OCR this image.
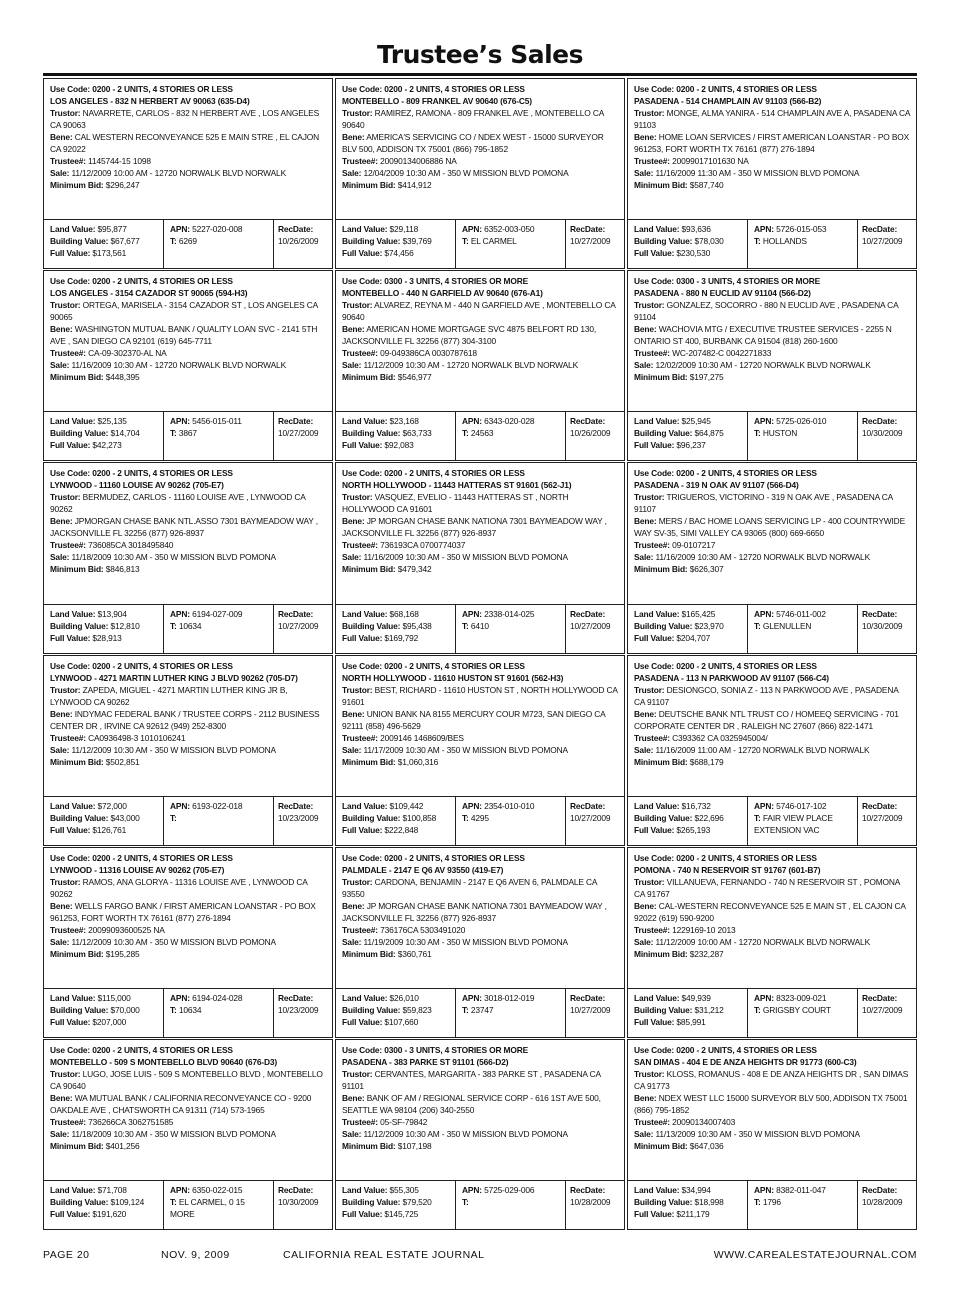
Trustee’s Sales

Use Code: 0200 - 2 UNITS, 4 STORIES OR LESS

LOS ANGELES - 832 N HERBERT AV 90063 (635-D4)

Trustor: NAVARRETE, CARLOS - 832 N HERBERT AVE , LOS ANGELES CA 90063

Bene: CAL WESTERN RECONVEYANCE 525 E MAIN STRE , EL CAJON CA 92022

Trustee#: 1145744-15 1098

Sale: 11/12/2009 10:00 AM - 12720 NORWALK BLVD NORWALK

Minimum Bid: $296,247

Land Value: $95,877
Building Value: $67,677
Full Value: $173,561
APN: 5227-020-008
T: 6269
RecDate:
10/26/2009

Use Code: 0200 - 2 UNITS, 4 STORIES OR LESS

MONTEBELLO - 809 FRANKEL AV 90640 (676-C5)

Trustor: RAMIREZ, RAMONA - 809 FRANKEL AVE , MONTEBELLO CA 90640

Bene: AMERICA'S SERVICING CO / NDEX WEST - 15000 SURVEYOR BLV 500, ADDISON TX 75001 (866) 795-1852

Trustee#: 20090134006886 NA

Sale: 12/04/2009 10:30 AM - 350 W MISSION BLVD POMONA

Minimum Bid: $414,912

Land Value: $29,118
Building Value: $39,769
Full Value: $74,456
APN: 6352-003-050
T: EL CARMEL
RecDate:
10/27/2009

Use Code: 0200 - 2 UNITS, 4 STORIES OR LESS

PASADENA - 514 CHAMPLAIN AV 91103 (566-B2)

Trustor: MONGE, ALMA YANIRA - 514 CHAMPLAIN AVE A, PASADENA CA 91103

Bene: HOME LOAN SERVICES / FIRST AMERICAN LOANSTAR - PO BOX 961253, FORT WORTH TX 76161 (877) 276-1894

Trustee#: 20099017101630 NA

Sale: 11/16/2009 11:30 AM - 350 W MISSION BLVD POMONA

Minimum Bid: $587,740

Land Value: $93,636
Building Value: $78,030
Full Value: $230,530
APN: 5726-015-053
T: HOLLANDS
RecDate:
10/27/2009

Use Code: 0200 - 2 UNITS, 4 STORIES OR LESS

LOS ANGELES - 3154 CAZADOR ST 90065 (594-H3)

Trustor: ORTEGA, MARISELA - 3154 CAZADOR ST , LOS ANGELES CA 90065

Bene: WASHINGTON MUTUAL BANK / QUALITY LOAN SVC - 2141 5TH AVE , SAN DIEGO CA 92101 (619) 645-7711

Trustee#: CA-09-302370-AL NA

Sale: 11/16/2009 10:30 AM - 12720 NORWALK BLVD NORWALK

Minimum Bid: $448,395

Land Value: $25,135
Building Value: $14,704
Full Value: $42,273
APN: 5456-015-011
T: 3867
RecDate:
10/27/2009

Use Code: 0300 - 3 UNITS, 4 STORIES OR MORE

MONTEBELLO - 440 N GARFIELD AV 90640 (676-A1)

Trustor: ALVAREZ, REYNA M - 440 N GARFIELD AVE , MONTEBELLO CA 90640

Bene: AMERICAN HOME MORTGAGE SVC 4875 BELFORT RD 130, JACKSONVILLE FL 32256 (877) 304-3100

Trustee#: 09-049386CA 0030787618

Sale: 11/12/2009 10:30 AM - 12720 NORWALK BLVD NORWALK

Minimum Bid: $546,977

Land Value: $23,168
Building Value: $63,733
Full Value: $92,083
APN: 6343-020-028
T: 24563
RecDate:
10/26/2009

Use Code: 0300 - 3 UNITS, 4 STORIES OR MORE

PASADENA - 880 N EUCLID AV 91104 (566-D2)

Trustor: GONZALEZ, SOCORRO - 880 N EUCLID AVE , PASADENA CA 91104

Bene: WACHOVIA MTG / EXECUTIVE TRUSTEE SERVICES - 2255 N ONTARIO ST 400, BURBANK CA 91504 (818) 260-1600

Trustee#: WC-207482-C 0042271833

Sale: 12/02/2009 10:30 AM - 12720 NORWALK BLVD NORWALK

Minimum Bid: $197,275

Land Value: $25,945
Building Value: $64,875
Full Value: $96,237
APN: 5725-026-010
T: HUSTON
RecDate:
10/30/2009

Use Code: 0200 - 2 UNITS, 4 STORIES OR LESS

LYNWOOD - 11160 LOUISE AV 90262 (705-E7)

Trustor: BERMUDEZ, CARLOS - 11160 LOUISE AVE , LYNWOOD CA 90262

Bene: JPMORGAN CHASE BANK NTL.ASSO 7301 BAYMEADOW WAY , JACKSONVILLE FL 32256 (877) 926-8937

Trustee#: 736085CA 3018495840

Sale: 11/18/2009 10:30 AM - 350 W MISSION BLVD POMONA

Minimum Bid: $846,813

Land Value: $13,904
Building Value: $12,810
Full Value: $28,913
APN: 6194-027-009
T: 10634
RecDate:
10/27/2009

Use Code: 0200 - 2 UNITS, 4 STORIES OR LESS

NORTH HOLLYWOOD - 11443 HATTERAS ST 91601 (562-J1)

Trustor: VASQUEZ, EVELIO - 11443 HATTERAS ST , NORTH HOLLYWOOD CA 91601

Bene: JP MORGAN CHASE BANK NATIONA 7301 BAYMEADOW WAY , JACKSONVILLE FL 32256 (877) 926-8937

Trustee#: 736193CA 0700774037

Sale: 11/16/2009 10:30 AM - 350 W MISSION BLVD POMONA

Minimum Bid: $479,342

Land Value: $68,168
Building Value: $95,438
Full Value: $169,792
APN: 2338-014-025
T: 6410
RecDate:
10/27/2009

Use Code: 0200 - 2 UNITS, 4 STORIES OR LESS

PASADENA - 319 N OAK AV 91107 (566-D4)

Trustor: TRIGUEROS, VICTORINO - 319 N OAK AVE , PASADENA CA 91107

Bene: MERS / BAC HOME LOANS SERVICING LP - 400 COUNTRYWIDE WAY SV-35, SIMI VALLEY CA 93065 (800) 669-6650

Trustee#: 09-0107217

Sale: 11/16/2009 10:30 AM - 12720 NORWALK BLVD NORWALK

Minimum Bid: $626,307

Land Value: $165,425
Building Value: $23,970
Full Value: $204,707
APN: 5746-011-002
T: GLENULLEN
RecDate:
10/30/2009

Use Code: 0200 - 2 UNITS, 4 STORIES OR LESS

LYNWOOD - 4271 MARTIN LUTHER KING J BLVD 90262 (705-D7)

Trustor: ZAPEDA, MIGUEL - 4271 MARTIN LUTHER KING JR B, LYNWOOD CA 90262

Bene: INDYMAC FEDERAL BANK / TRUSTEE CORPS - 2112 BUSINESS CENTER DR , IRVINE CA 92612 (949) 252-8300

Trustee#: CA0936498-3 1010106241

Sale: 11/12/2009 10:30 AM - 350 W MISSION BLVD POMONA

Minimum Bid: $502,851

Land Value: $72,000
Building Value: $43,000
Full Value: $126,761
APN: 6193-022-018
T:
RecDate:
10/23/2009

Use Code: 0200 - 2 UNITS, 4 STORIES OR LESS

NORTH HOLLYWOOD - 11610 HUSTON ST 91601 (562-H3)

Trustor: BEST, RICHARD - 11610 HUSTON ST , NORTH HOLLYWOOD CA 91601

Bene: UNION BANK NA 8155 MERCURY COUR M723, SAN DIEGO CA 92111 (858) 496-5629

Trustee#: 2009146 1468609/BES

Sale: 11/17/2009 10:30 AM - 350 W MISSION BLVD POMONA

Minimum Bid: $1,060,316

Land Value: $109,442
Building Value: $100,858
Full Value: $222,848
APN: 2354-010-010
T: 4295
RecDate:
10/27/2009

Use Code: 0200 - 2 UNITS, 4 STORIES OR LESS

PASADENA - 113 N PARKWOOD AV 91107 (566-C4)

Trustor: DESIONGCO, SONIA Z - 113 N PARKWOOD AVE , PASADENA CA 91107

Bene: DEUTSCHE BANK NTL TRUST CO / HOMEEQ SERVICING - 701 CORPORATE CENTER DR , RALEIGH NC 27607 (866) 822-1471

Trustee#: C393362 CA 0325945004/

Sale: 11/16/2009 11:00 AM - 12720 NORWALK BLVD NORWALK

Minimum Bid: $688,179

Land Value: $16,732
Building Value: $22,696
Full Value: $265,193
APN: 5746-017-102
T: FAIR VIEW PLACE EXTENSION VAC
RecDate:
10/27/2009

Use Code: 0200 - 2 UNITS, 4 STORIES OR LESS

LYNWOOD - 11316 LOUISE AV 90262 (705-E7)

Trustor: RAMOS, ANA GLORYA - 11316 LOUISE AVE , LYNWOOD CA 90262

Bene: WELLS FARGO BANK / FIRST AMERICAN LOANSTAR - PO BOX 961253, FORT WORTH TX 76161 (877) 276-1894

Trustee#: 20099093600525 NA

Sale: 11/12/2009 10:30 AM - 350 W MISSION BLVD POMONA

Minimum Bid: $195,285

Land Value: $115,000
Building Value: $70,000
Full Value: $207,000
APN: 6194-024-028
T: 10634
RecDate:
10/23/2009

Use Code: 0200 - 2 UNITS, 4 STORIES OR LESS

PALMDALE - 2147 E Q6 AV 93550 (419-E7)

Trustor: CARDONA, BENJAMIN - 2147 E Q6 AVEN 6, PALMDALE CA 93550

Bene: JP MORGAN CHASE BANK NATIONA 7301 BAYMEADOW WAY , JACKSONVILLE FL 32256 (877) 926-8937

Trustee#: 736176CA 5303491020

Sale: 11/19/2009 10:30 AM - 350 W MISSION BLVD POMONA

Minimum Bid: $360,761

Land Value: $26,010
Building Value: $59,823
Full Value: $107,660
APN: 3018-012-019
T: 23747
RecDate:
10/27/2009

Use Code: 0200 - 2 UNITS, 4 STORIES OR LESS

POMONA - 740 N RESERVOIR ST 91767 (601-B7)

Trustor: VILLANUEVA, FERNANDO - 740 N RESERVOIR ST , POMONA CA 91767

Bene: CAL-WESTERN RECONVEYANCE 525 E MAIN ST , EL CAJON CA 92022 (619) 590-9200

Trustee#: 1229169-10 2013

Sale: 11/12/2009 10:00 AM - 12720 NORWALK BLVD NORWALK

Minimum Bid: $232,287

Land Value: $49,939
Building Value: $31,212
Full Value: $85,991
APN: 8323-009-021
T: GRIGSBY COURT
RecDate:
10/27/2009

Use Code: 0200 - 2 UNITS, 4 STORIES OR LESS

MONTEBELLO - 509 S MONTEBELLO BLVD 90640 (676-D3)

Trustor: LUGO, JOSE LUIS - 509 S MONTEBELLO BLVD , MONTEBELLO CA 90640

Bene: WA MUTUAL BANK / CALIFORNIA RECONVEYANCE CO - 9200 OAKDALE AVE , CHATSWORTH CA 91311 (714) 573-1965

Trustee#: 736266CA 3062751585

Sale: 11/18/2009 10:30 AM - 350 W MISSION BLVD POMONA

Minimum Bid: $401,256

Land Value: $71,708
Building Value: $109,124
Full Value: $191,620
APN: 6350-022-015
T: EL CARMEL, 0 15 MORE
RecDate:
10/30/2009

Use Code: 0300 - 3 UNITS, 4 STORIES OR MORE

PASADENA - 383 PARKE ST 91101 (566-D2)

Trustor: CERVANTES, MARGARITA - 383 PARKE ST , PASADENA CA 91101

Bene: BANK OF AM / REGIONAL SERVICE CORP - 616 1ST AVE 500, SEATTLE WA 98104 (206) 340-2550

Trustee#: 05-SF-79842

Sale: 11/12/2009 10:30 AM - 350 W MISSION BLVD POMONA

Minimum Bid: $107,198

Land Value: $55,305
Building Value: $79,520
Full Value: $145,725
APN: 5725-029-006
T:
RecDate:
10/28/2009

Use Code: 0200 - 2 UNITS, 4 STORIES OR LESS

SAN DIMAS - 404 E DE ANZA HEIGHTS DR 91773 (600-C3)

Trustor: KLOSS, ROMANUS - 408 E DE ANZA HEIGHTS DR , SAN DIMAS CA 91773

Bene: NDEX WEST LLC 15000 SURVEYOR BLV 500, ADDISON TX 75001 (866) 795-1852

Trustee#: 20090134007403

Sale: 11/13/2009 10:30 AM - 350 W MISSION BLVD POMONA

Minimum Bid: $647,036

Land Value: $34,994
Building Value: $18,998
Full Value: $211,179
APN: 8382-011-047
T: 1796
RecDate:
10/28/2009
PAGE 20	NOV. 9, 2009	CALIFORNIA REAL ESTATE JOURNAL	WWW.CAREALESTATEJOURNAL.COM
